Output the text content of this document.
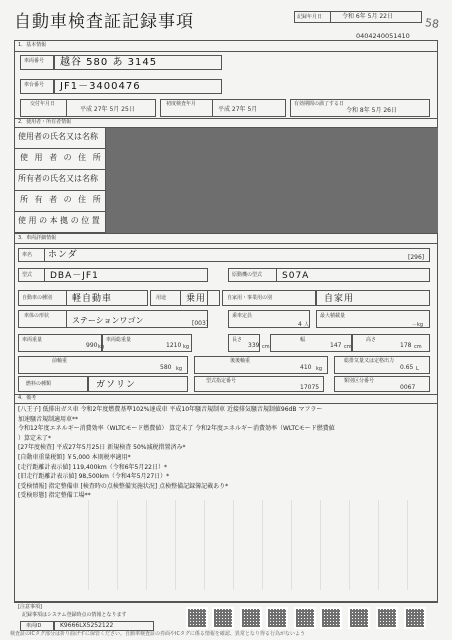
自動車検査証記録事項	記録年月日	令和 6年 5月 22日	58
0404240051410
1．基本情報
車両番号 越谷 580 あ 3145
車台番号 JF1－3400476
交付年月日
平成 27年 5月 25日
初度検査年月
平成 27年 5月
有効期間の満了する日
令和 8年 5月 26日
2．使用者・所有者情報
使用者の氏名又は名称
使 用 者 の 住 所
所有者の氏名又は名称
所 有 者 の 住 所
使 用 の 本 拠 の 位 置
3．車両詳細情報
車名 ホンダ	[296]
型式 DBA－JF1	原動機の型式 S07A
自動車の種別 軽自動車	用途 乗用	自家用・事業用の別	自家用
車体の形状	ステーションワゴン	[003]
乗車定員
4 人
最大積載量
－kg
車両重量
990 kg
車両総重量
1210 kg
長さ
339 cm
幅
147 cm
高さ
178 cm
前軸重
580 kg
後後軸重
410 kg
総排気量又は定格出力
0.65 L
燃料の種類	ガソリン	型式指定番号
17075
類別区分番号
0067
4．備考
[八王子] 低排出ガス車 令和2年度燃費基準102%達成車 平成10年騒音規制車 近接排気騒音規制値96dB マフラー
加速騒音規制適用車**
令和12年度エネルギー消費効率（WLTCモード燃費値） 算定未了 令和2年度エネルギー消費効率（WLTCモード燃費値
）算定未了*
[27年度検査] 平成27年5月25日 新規検査 50%減税措置済み*
[自動車重量税額] ￥5,000 本則税率適用*
[走行距離計表示値] 119,400km（令和6年5月22日）*
[旧走行距離計表示値] 98,500km（令和4年5月27日）*
[受検情報] 指定整備車 [検査時の点検整備実施状況] 点検整備記録簿記載あり*
[受検形態] 指定整備工場**
[注意事項]
記録事項はシステム登録時点の情報となります
車両ID	K9666LX5252122
検査証のICタグ部分は折り曲げずに保管ください。自動車検査証の券面やICタグに係る情報を確認、異常となり得る行為がないよう
